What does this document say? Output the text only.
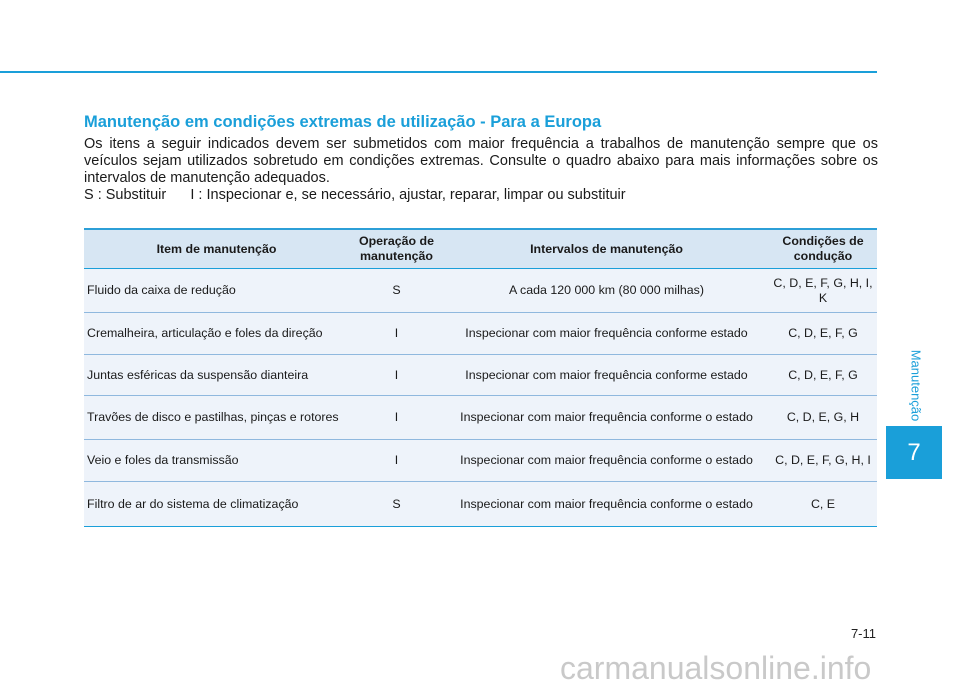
Manutenção em condições extremas de utilização - Para a Europa

Os itens a seguir indicados devem ser submetidos com maior frequência a trabalhos de manutenção sempre que os veículos sejam utilizados sobretudo em condições extremas. Consulte o quadro abaixo para mais informações sobre os intervalos de manutenção adequados.

S : Substituir      I : Inspecionar e, se necessário, ajustar, reparar, limpar ou substituir

Item de manutenção	Operação de manutenção	Intervalos de manutenção	Condições de condução
Fluido da caixa de redução	S	A cada 120 000 km (80 000 milhas)	C, D, E, F, G, H, I, K
Cremalheira, articulação e foles da direção	I	Inspecionar com maior frequência conforme estado	C, D, E, F, G
Juntas esféricas da suspensão dianteira	I	Inspecionar com maior frequência conforme estado	C, D, E, F, G
Travões de disco e pastilhas, pinças e rotores	I	Inspecionar com maior frequência conforme o estado	C, D, E, G, H
Veio e foles da transmissão	I	Inspecionar com maior frequência conforme o estado	C, D, E, F, G, H, I
Filtro de ar do sistema de climatização	S	Inspecionar com maior frequência conforme o estado	C, E
Manutenção
7
7-11
carmanualsonline.info
